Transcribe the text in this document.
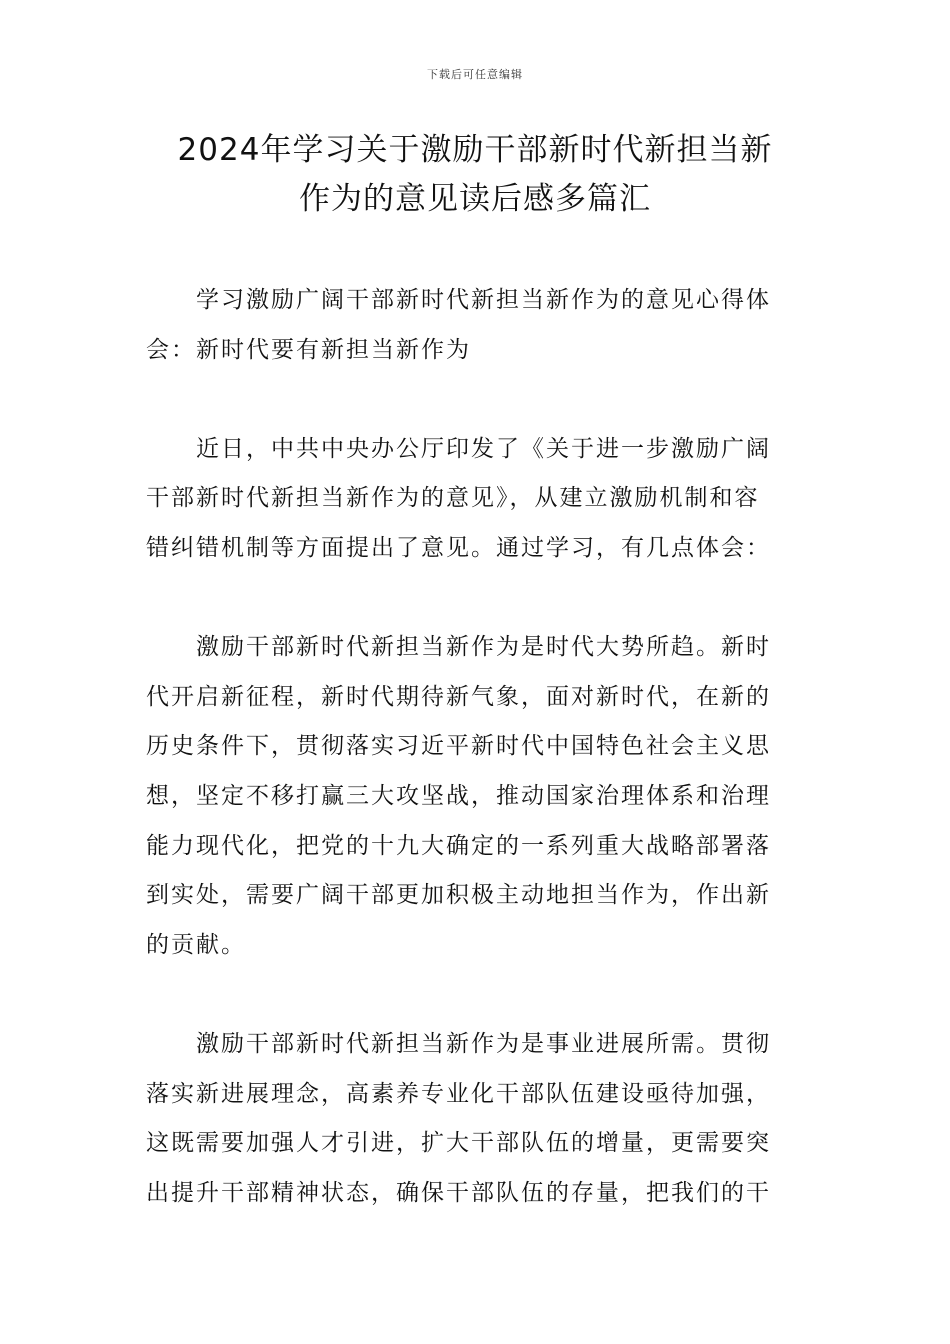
下载后可任意编辑
2024年学习关于激励干部新时代新担当新
作为的意见读后感多篇汇

学习激励广阔干部新时代新担当新作为的意见心得体
会：新时代要有新担当新作为

近日，中共中央办公厅印发了《关于进一步激励广阔
干部新时代新担当新作为的意见》，从建立激励机制和容
错纠错机制等方面提出了意见。通过学习，有几点体会：

激励干部新时代新担当新作为是时代大势所趋。新时
代开启新征程，新时代期待新气象，面对新时代，在新的
历史条件下，贯彻落实习近平新时代中国特色社会主义思
想，坚定不移打赢三大攻坚战，推动国家治理体系和治理
能力现代化，把党的十九大确定的一系列重大战略部署落
到实处，需要广阔干部更加积极主动地担当作为，作出新
的贡献。

激励干部新时代新担当新作为是事业进展所需。贯彻
落实新进展理念，高素养专业化干部队伍建设亟待加强，
这既需要加强人才引进，扩大干部队伍的增量，更需要突
出提升干部精神状态，确保干部队伍的存量，把我们的干
